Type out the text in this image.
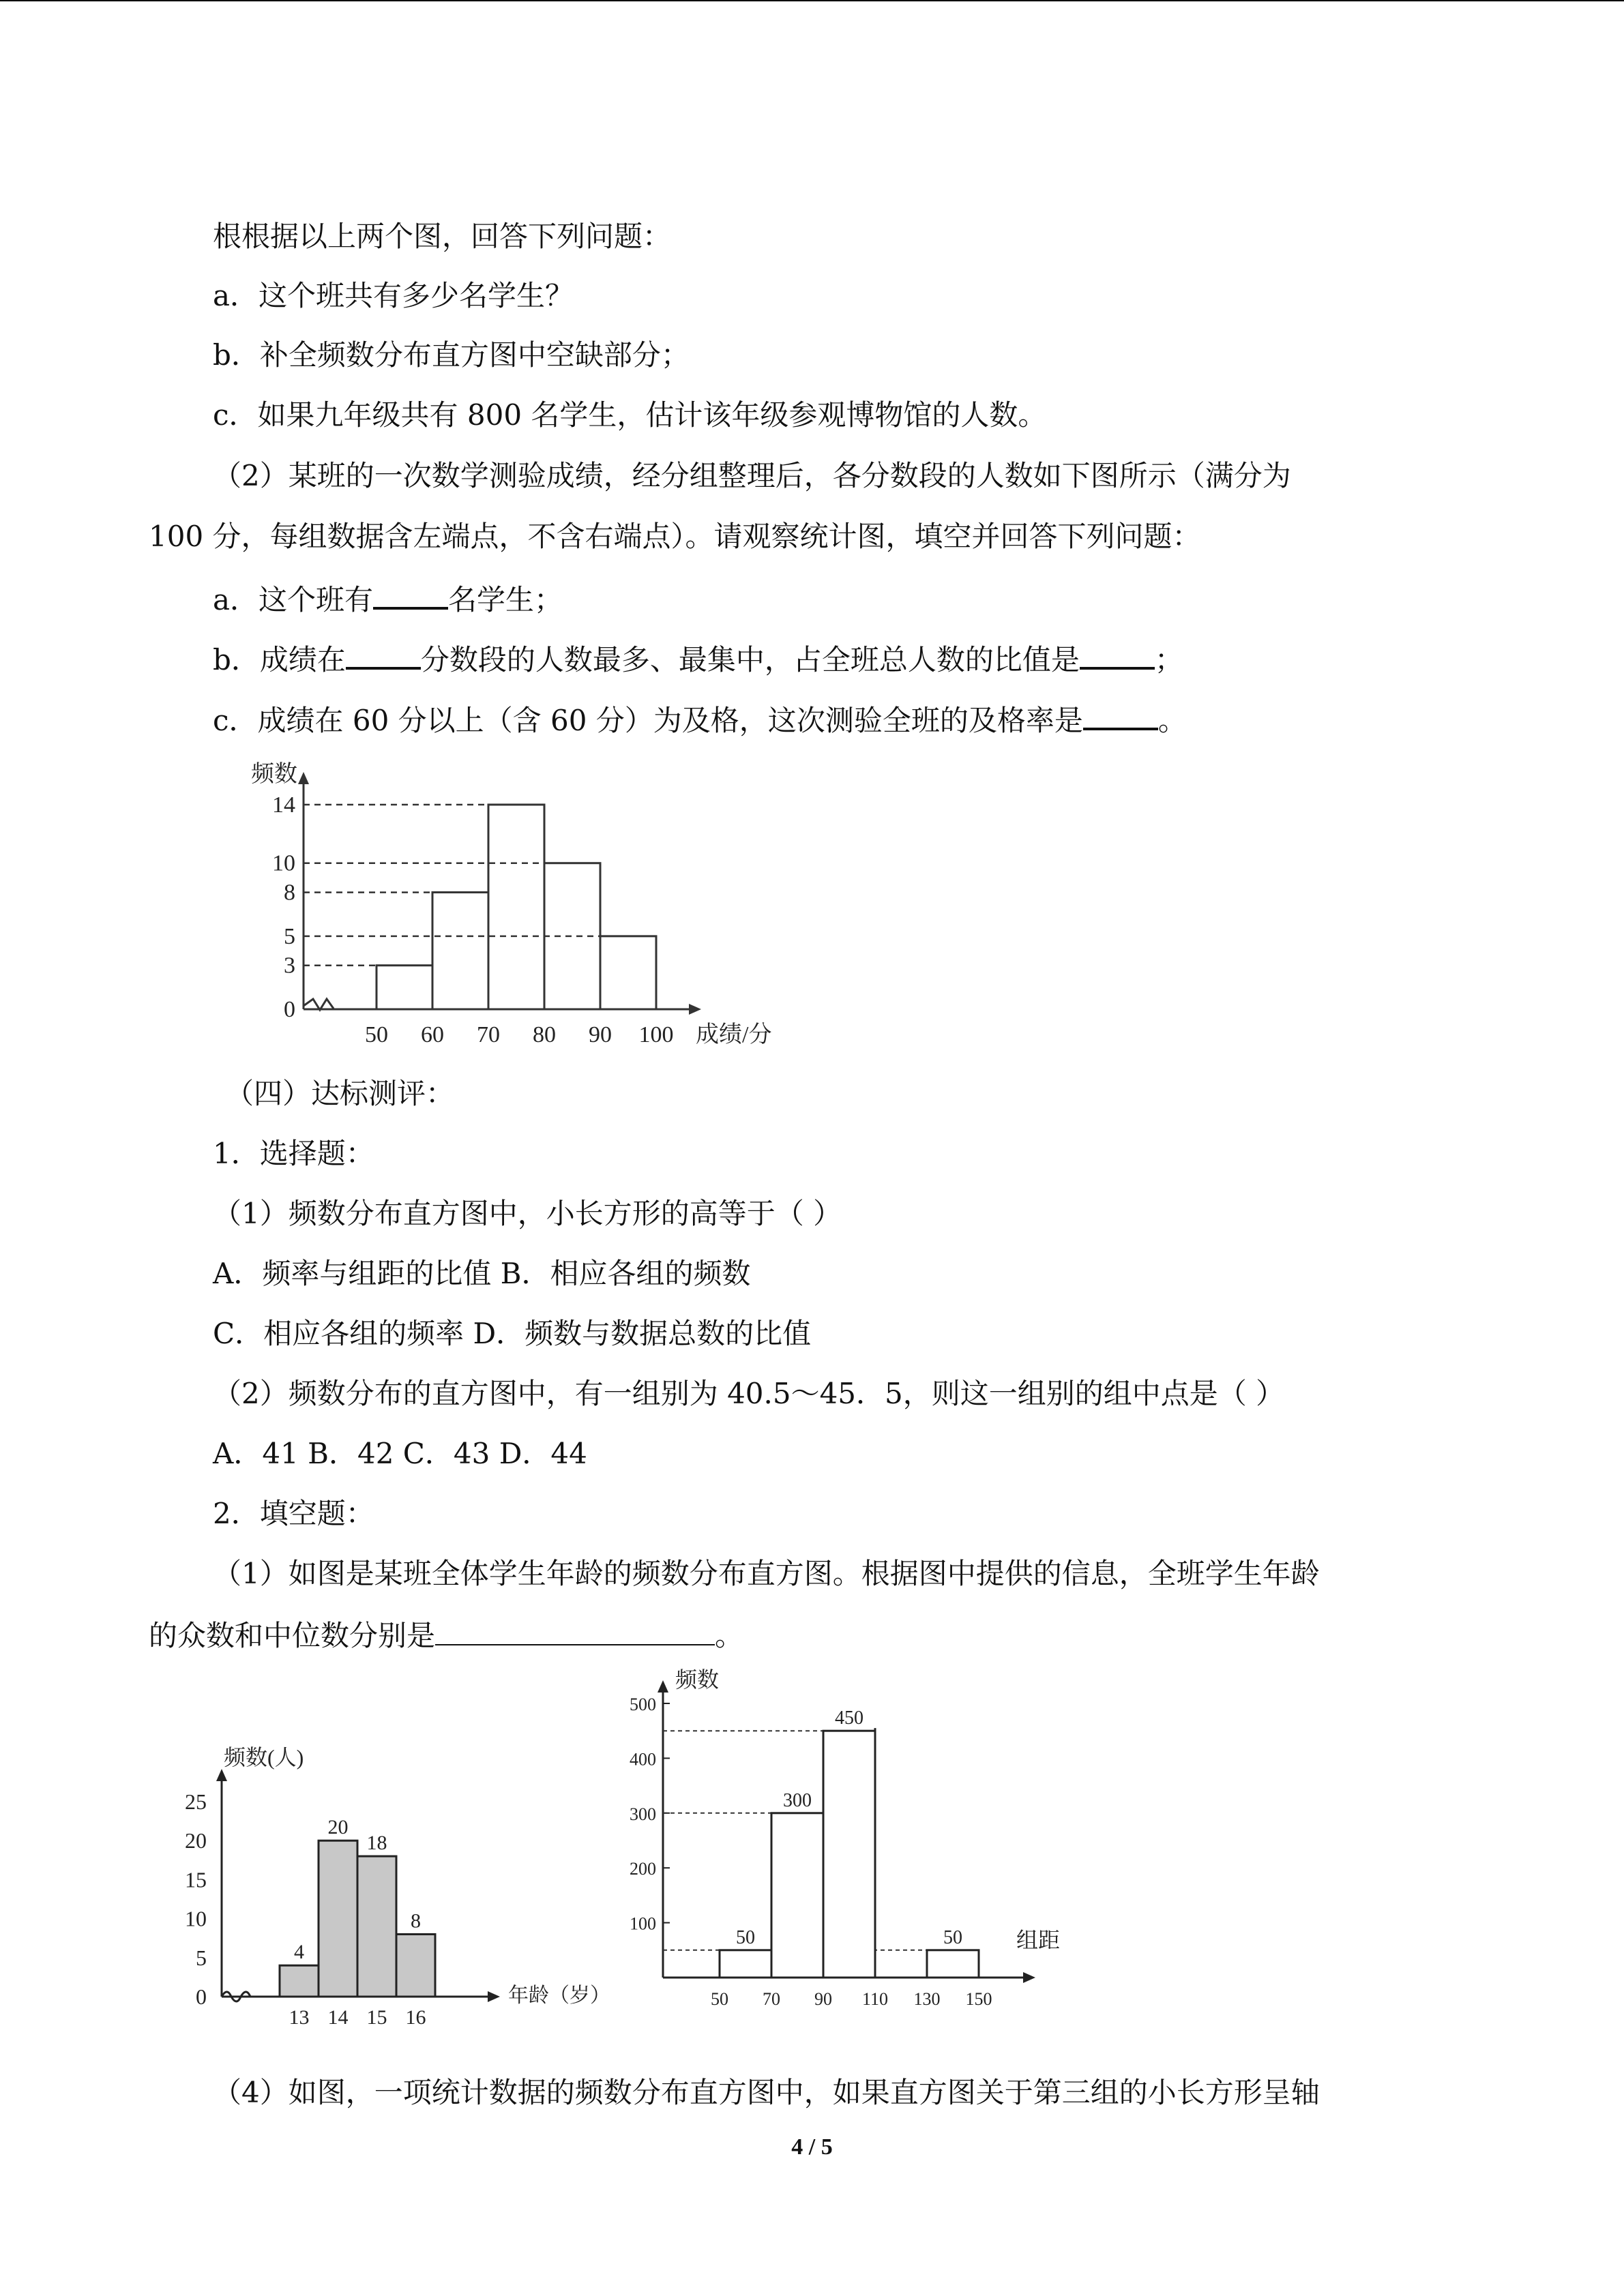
根根据以上两个图，回答下列问题：
a．这个班共有多少名学生？
b．补全频数分布直方图中空缺部分；
c．如果九年级共有 800 名学生，估计该年级参观博物馆的人数。
（2）某班的一次数学测验成绩，经分组整理后，各分数段的人数如下图所示（满分为
100 分，每组数据含左端点，不含右端点）。请观察统计图，填空并回答下列问题：
a．这个班有	名学生；
b．成绩在	分数段的人数最多、最集中，占全班总人数的比值是	；
c．成绩在 60 分以上（含 60 分）为及格，这次测验全班的及格率是	。
频数
0
3
5
8
10
14
50 60 70 80 90 100 成绩/分
（四）达标测评：
1．选择题：
（1）频数分布直方图中，小长方形的高等于（ ）
A．频率与组距的比值 B．相应各组的频数
C．相应各组的频率 D．频数与数据总数的比值
（2）频数分布的直方图中，有一组别为 40.5～45．5，则这一组别的组中点是（ ）
A．41 B．42 C．43 D．44
2．填空题：
（1）如图是某班全体学生年龄的频数分布直方图。根据图中提供的信息，全班学生年龄
的众数和中位数分别是	。
频数(人)
0
5
10
15
20
25
4
13
20
14
18
15
8
16
年龄（岁）
频数
100
200
300
400
500
50
300
450
50
50 70 90 110 130 150
组距
（4）如图，一项统计数据的频数分布直方图中，如果直方图关于第三组的小长方形呈轴
4 / 5
